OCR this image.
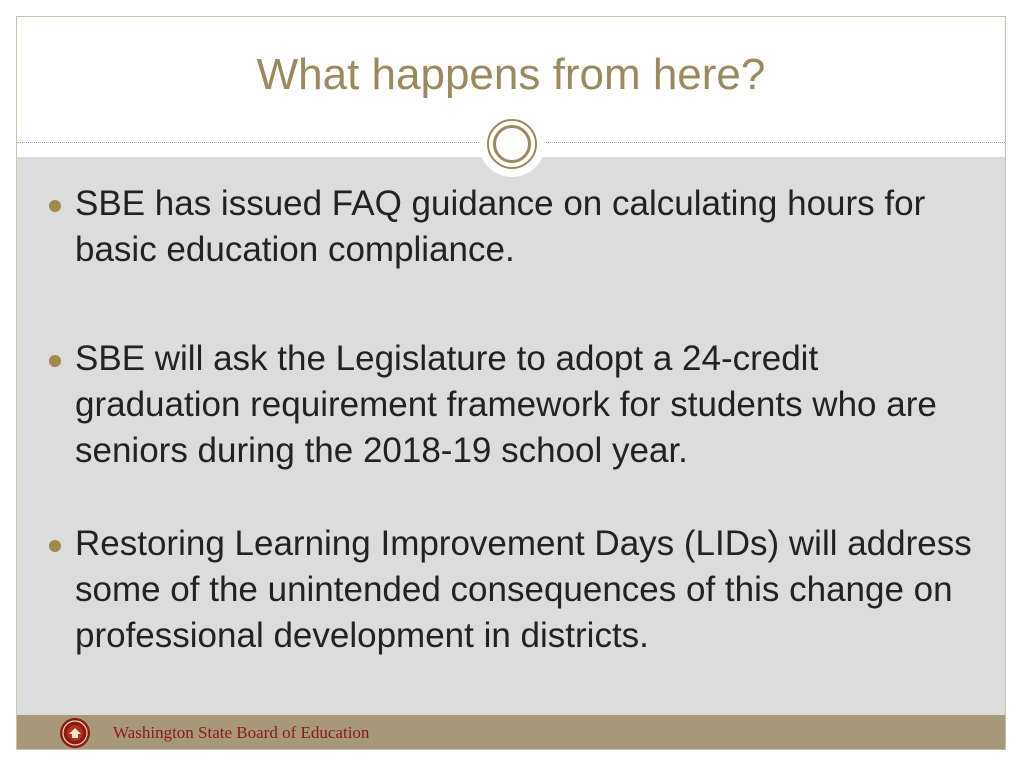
What happens from here?
SBE has issued FAQ guidance on calculating hours for basic education compliance.
SBE will ask the Legislature to adopt a 24-credit graduation requirement framework for students who are seniors during the 2018-19 school year.
Restoring Learning Improvement Days (LIDs) will address some of the unintended consequences of this change on professional development in districts.
Washington State Board of Education
